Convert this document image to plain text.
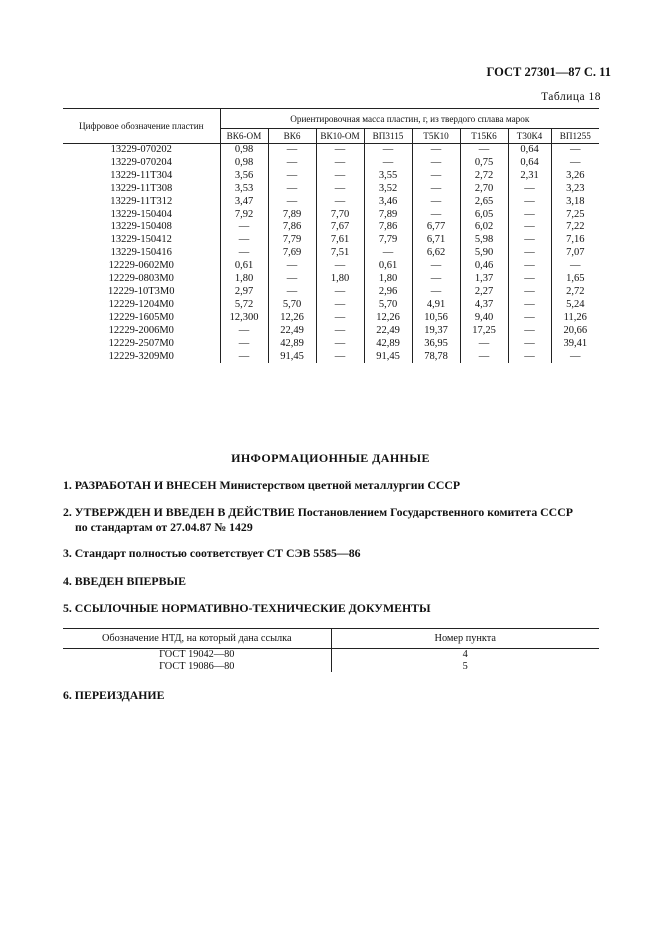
ГОСТ 27301—87 С. 11
Таблица 18
Цифровое обозначение пластин	Ориентировочная масса пластин, г, из твердого сплава марок							
	ВК6-ОМ	ВК6	ВК10-ОМ	ВП3115	Т5К10	Т15К6	Т30К4	ВП1255
13229-070202	0,98	—	—	—	—	—	0,64	—
13229-070204	0,98	—	—	—	—	0,75	0,64	—
13229-11Т304	3,56	—	—	3,55	—	2,72	2,31	3,26
13229-11Т308	3,53	—	—	3,52	—	2,70	—	3,23
13229-11Т312	3,47	—	—	3,46	—	2,65	—	3,18
13229-150404	7,92	7,89	7,70	7,89	—	6,05	—	7,25
13229-150408	—	7,86	7,67	7,86	6,77	6,02	—	7,22
13229-150412	—	7,79	7,61	7,79	6,71	5,98	—	7,16
13229-150416	—	7,69	7,51	—	6,62	5,90	—	7,07
12229-0602М0	0,61	—	—	0,61	—	0,46	—	—
12229-0803М0	1,80	—	1,80	1,80	—	1,37	—	1,65
12229-10Т3М0	2,97	—	—	2,96	—	2,27	—	2,72
12229-1204М0	5,72	5,70	—	5,70	4,91	4,37	—	5,24
12229-1605М0	12,300	12,26	—	12,26	10,56	9,40	—	11,26
12229-2006М0	—	22,49	—	22,49	19,37	17,25	—	20,66
12229-2507М0	—	42,89	—	42,89	36,95	—	—	39,41
12229-3209М0	—	91,45	—	91,45	78,78	—	—	—
ИНФОРМАЦИОННЫЕ ДАННЫЕ
1. РАЗРАБОТАН И ВНЕСЕН Министерством цветной металлургии СССР
2. УТВЕРЖДЕН И ВВЕДЕН В ДЕЙСТВИЕ Постановлением Государственного комитета СССР
по стандартам от 27.04.87 № 1429
3. Стандарт полностью соответствует СТ СЭВ 5585—86
4. ВВЕДЕН ВПЕРВЫЕ
5. ССЫЛОЧНЫЕ НОРМАТИВНО-ТЕХНИЧЕСКИЕ ДОКУМЕНТЫ
Обозначение НТД, на который дана ссылка	Номер пункта
ГОСТ 19042—80	4
ГОСТ 19086—80	5
6. ПЕРЕИЗДАНИЕ
